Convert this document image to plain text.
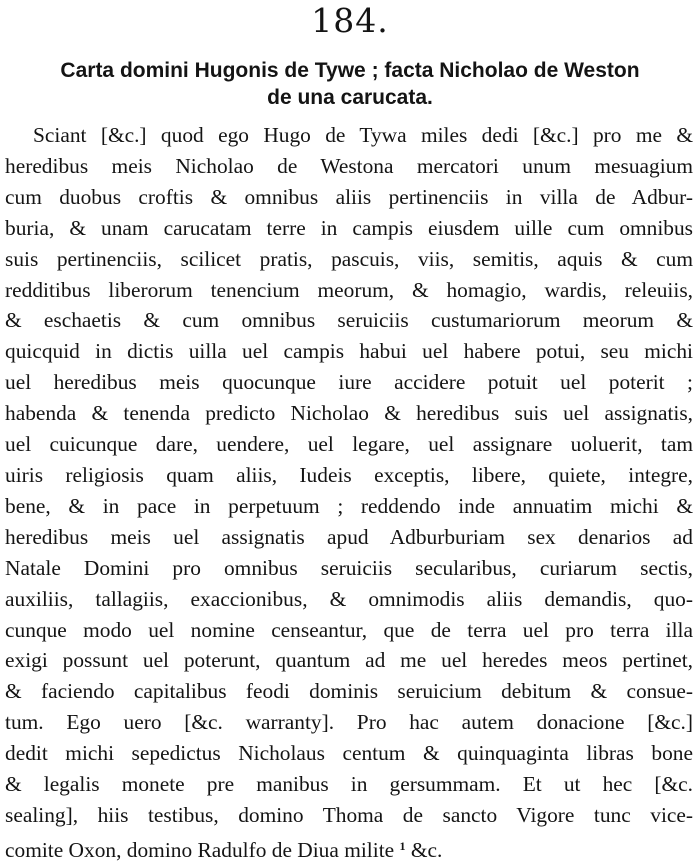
184.
Carta domini Hugonis de Tywe ; facta Nicholao de Weston
de una carucata.
Sciant [&c.] quod ego Hugo de Tywa miles dedi [&c.] pro me &
heredibus meis Nicholao de Westona mercatori unum mesuagium
cum duobus croftis & omnibus aliis pertinenciis in villa de Adbur-
buria, & unam carucatam terre in campis eiusdem uille cum omnibus
suis pertinenciis, scilicet pratis, pascuis, viis, semitis, aquis & cum
redditibus liberorum tenencium meorum, & homagio, wardis, releuiis,
& eschaetis & cum omnibus seruiciis custumariorum meorum &
quicquid in dictis uilla uel campis habui uel habere potui, seu michi
uel heredibus meis quocunque iure accidere potuit uel poterit ;
habenda & tenenda predicto Nicholao & heredibus suis uel assignatis,
uel cuicunque dare, uendere, uel legare, uel assignare uoluerit, tam
uiris religiosis quam aliis, Iudeis exceptis, libere, quiete, integre,
bene, & in pace in perpetuum ; reddendo inde annuatim michi &
heredibus meis uel assignatis apud Adburburiam sex denarios ad
Natale Domini pro omnibus seruiciis secularibus, curiarum sectis,
auxiliis, tallagiis, exaccionibus, & omnimodis aliis demandis, quo-
cunque modo uel nomine censeantur, que de terra uel pro terra illa
exigi possunt uel poterunt, quantum ad me uel heredes meos pertinet,
& faciendo capitalibus feodi dominis seruicium debitum & consue-
tum. Ego uero [&c. warranty]. Pro hac autem donacione [&c.]
dedit michi sepedictus Nicholaus centum & quinquaginta libras bone
& legalis monete pre manibus in gersummam. Et ut hec [&c.
sealing], hiis testibus, domino Thoma de sancto Vigore tunc vice-
comite Oxon, domino Radulfo de Diua milite $^1$ &c.
